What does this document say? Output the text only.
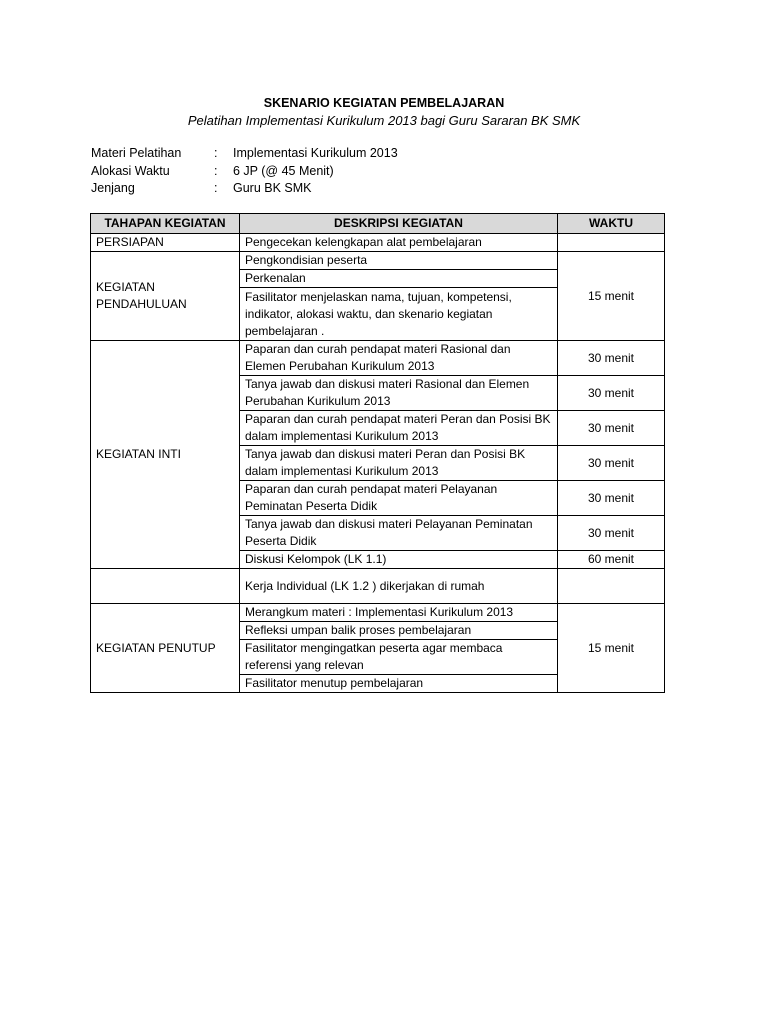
SKENARIO KEGIATAN PEMBELAJARAN
Pelatihan Implementasi Kurikulum 2013 bagi Guru Sararan BK SMK
Materi Pelatihan	:	Implementasi Kurikulum 2013
Alokasi Waktu	:	6 JP (@ 45 Menit)
Jenjang	:	Guru BK SMK
TAHAPAN KEGIATAN	DESKRIPSI KEGIATAN	WAKTU
PERSIAPAN	Pengecekan kelengkapan alat pembelajaran	
KEGIATAN PENDAHULUAN	Pengkondisian peserta	15 menit
	Perkenalan	
	Fasilitator menjelaskan nama, tujuan, kompetensi, indikator, alokasi waktu, dan skenario kegiatan pembelajaran .	
KEGIATAN INTI	Paparan dan curah pendapat materi Rasional dan Elemen Perubahan Kurikulum 2013	30 menit
	Tanya jawab dan diskusi materi Rasional dan Elemen Perubahan Kurikulum 2013	30 menit
	Paparan dan curah pendapat materi Peran dan Posisi BK dalam implementasi Kurikulum 2013	30 menit
	Tanya jawab dan diskusi materi Peran dan Posisi BK dalam implementasi Kurikulum 2013	30 menit
	Paparan dan curah pendapat materi Pelayanan Peminatan Peserta Didik	30 menit
	Tanya jawab dan diskusi materi Pelayanan Peminatan Peserta Didik	30 menit
	Diskusi Kelompok (LK 1.1)	60 menit
	Kerja Individual (LK 1.2 ) dikerjakan di rumah	
KEGIATAN PENUTUP	Merangkum materi : Implementasi Kurikulum 2013	15 menit
	Refleksi umpan balik proses pembelajaran	
	Fasilitator mengingatkan peserta agar membaca referensi yang relevan	
	Fasilitator menutup pembelajaran	
